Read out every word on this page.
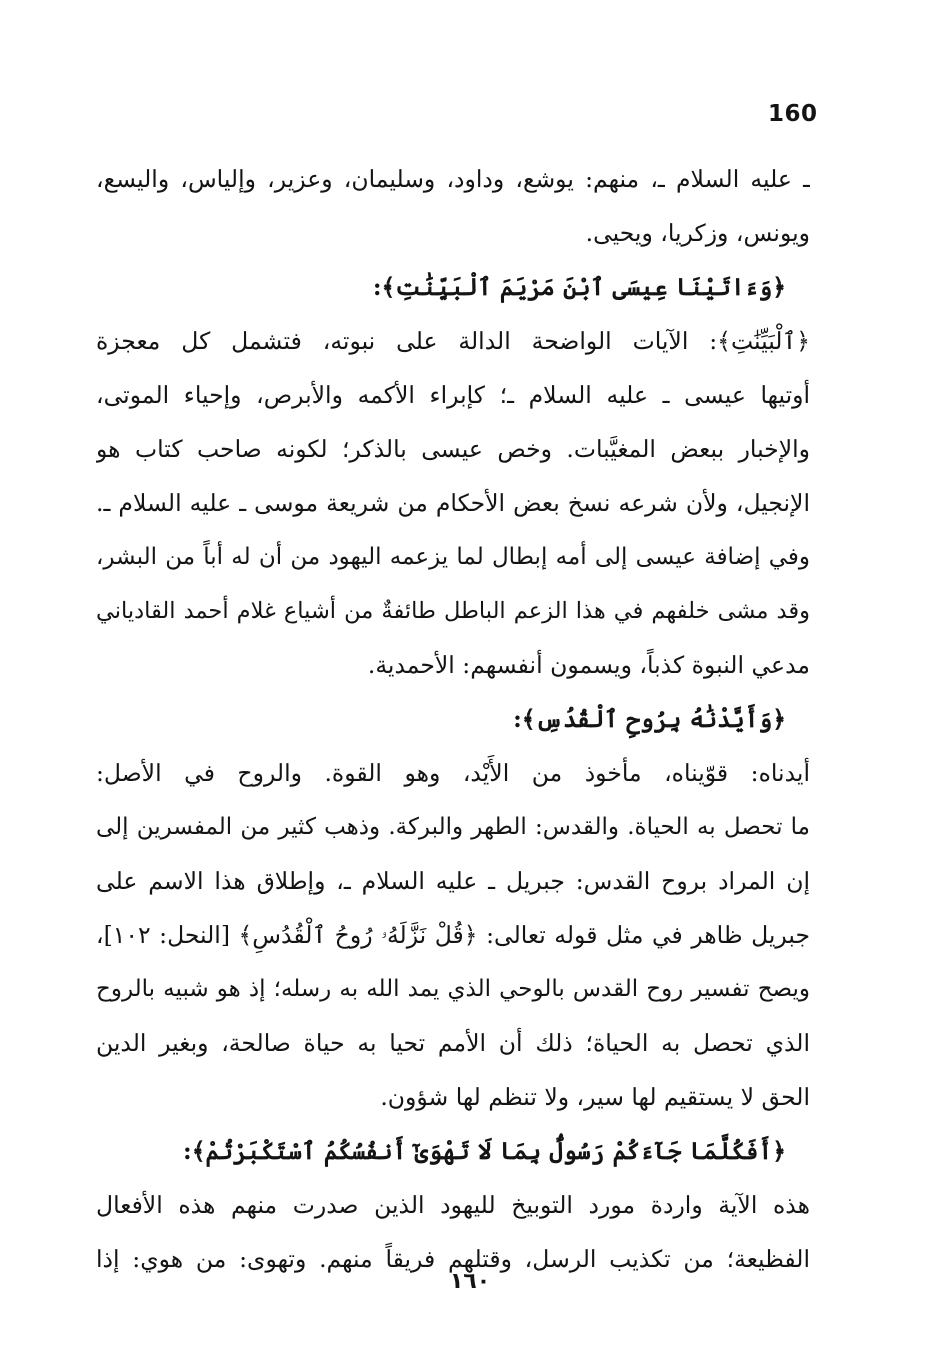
160
ـ عليه السلام ـ، منهم: يوشع، وداود، وسليمان، وعزير، وإلياس، واليسع،
ويونس، وزكريا، ويحيى.
﴿وَءَاتَيْنَا عِيسَى ٱبْنَ مَرْيَمَ ٱلْبَيِّنَٰتِ﴾:
﴿ٱلْبَيِّنَٰتِ﴾: الآيات الواضحة الدالة على نبوته، فتشمل كل معجزة
أوتيها عيسى ـ عليه السلام ـ؛ كإبراء الأكمه والأبرص، وإحياء الموتى،
والإخبار ببعض المغيَّبات. وخص عيسى بالذكر؛ لكونه صاحب كتاب هو
الإنجيل، ولأن شرعه نسخ بعض الأحكام من شريعة موسى ـ عليه السلام ـ.
وفي إضافة عيسى إلى أمه إبطال لما يزعمه اليهود من أن له أباً من البشر،
وقد مشى خلفهم في هذا الزعم الباطل طائفةٌ من أشياع غلام أحمد القادياني
مدعي النبوة كذباً، ويسمون أنفسهم: الأحمدية.
﴿وَأَيَّدْنَٰهُ بِرُوحِ ٱلْقُدُسِ﴾:
أيدناه: قوّيناه، مأخوذ من الأَيْد، وهو القوة. والروح في الأصل:
ما تحصل به الحياة. والقدس: الطهر والبركة. وذهب كثير من المفسرين إلى
إن المراد بروح القدس: جبريل ـ عليه السلام ـ، وإطلاق هذا الاسم على
جبريل ظاهر في مثل قوله تعالى: ﴿قُلْ نَزَّلَهُۥ رُوحُ ٱلْقُدُسِ﴾ [النحل: ١٠٢]،
ويصح تفسير روح القدس بالوحي الذي يمد الله به رسله؛ إذ هو شبيه بالروح
الذي تحصل به الحياة؛ ذلك أن الأمم تحيا به حياة صالحة، وبغير الدين
الحق لا يستقيم لها سير، ولا تنظم لها شؤون.
﴿أَفَكُلَّمَا جَآءَكُمْ رَسُولٌۢ بِمَا لَا تَهْوَىٰٓ أَنفُسُكُمُ ٱسْتَكْبَرْتُمْ﴾:
هذه الآية واردة مورد التوبيخ لليهود الذين صدرت منهم هذه الأفعال
الفظيعة؛ من تكذيب الرسل، وقتلهم فريقاً منهم. وتهوى: من هوي: إذا
١٦٠
